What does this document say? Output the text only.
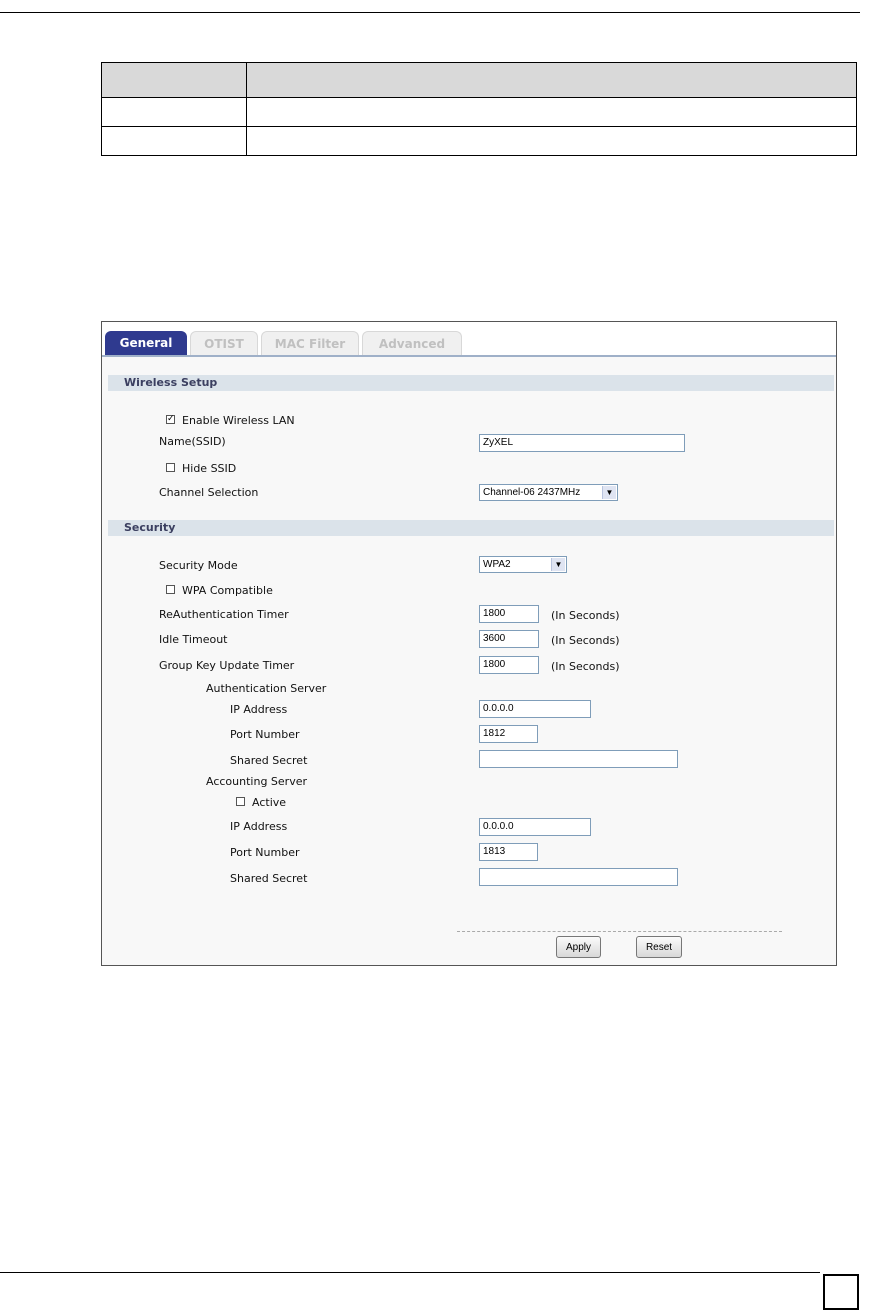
General	OTIST	MAC Filter	Advanced
Wireless Setup
✓ Enable Wireless LAN
Name(SSID)	ZyXEL
Hide SSID
Channel Selection	Channel-06 2437MHz	▼
Security
Security Mode	WPA2	▼
WPA Compatible
ReAuthentication Timer	1800	(In Seconds)
Idle Timeout	3600	(In Seconds)
Group Key Update Timer	1800	(In Seconds)
Authentication Server
IP Address	0.0.0.0
Port Number	1812
Shared Secret
Accounting Server
Active
IP Address	0.0.0.0
Port Number	1813
Shared Secret
Apply	Reset
